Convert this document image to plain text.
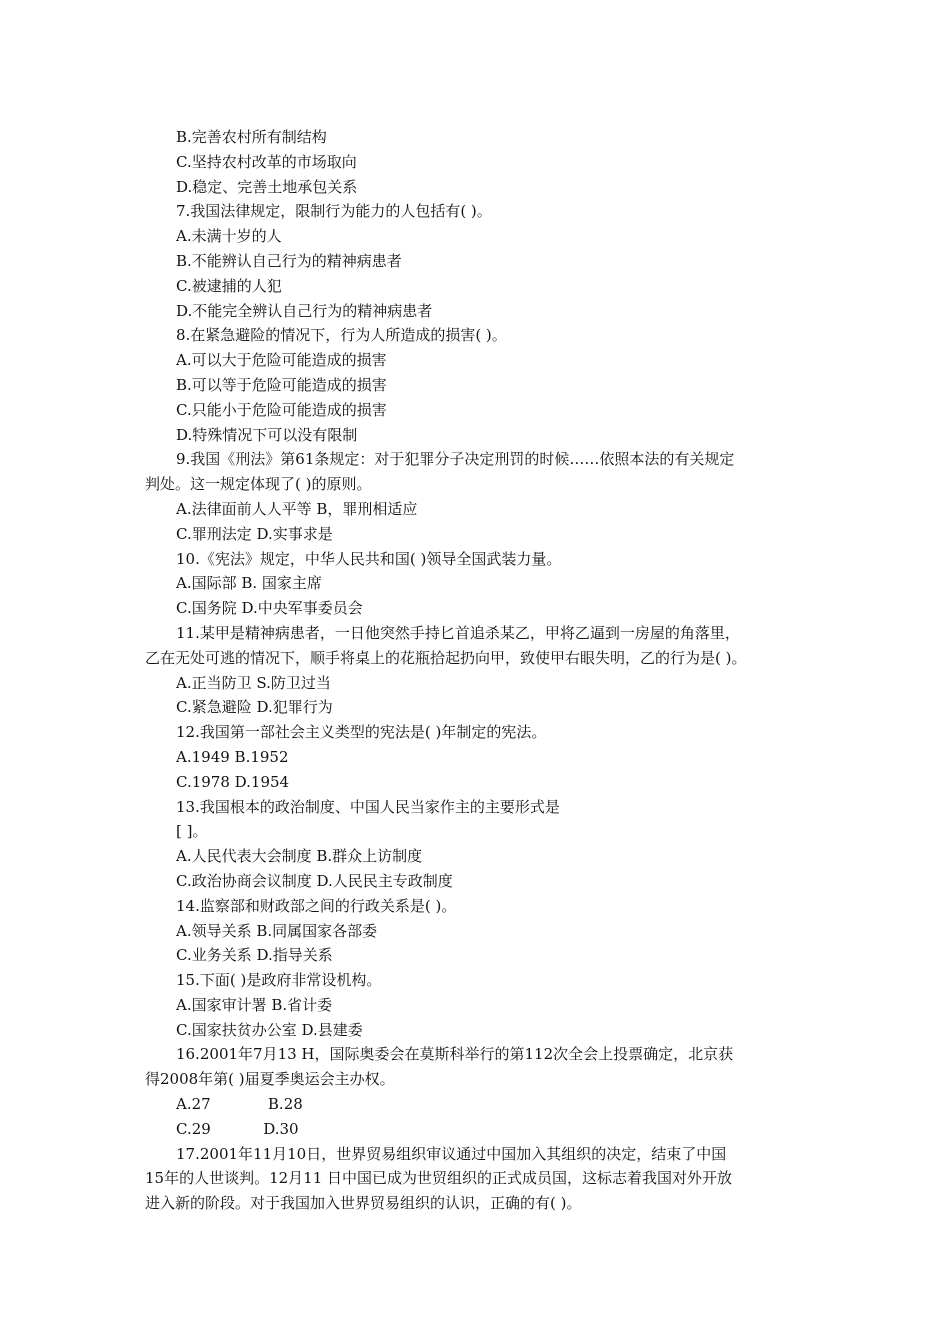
B.完善农村所有制结构
C.坚持农村改革的市场取向
D.稳定、完善土地承包关系
7.我国法律规定，限制行为能力的人包括有( )。
A.未满十岁的人
B.不能辨认自己行为的精神病患者
C.被逮捕的人犯
D.不能完全辨认自己行为的精神病患者
8.在紧急避险的情况下，行为人所造成的损害( )。
A.可以大于危险可能造成的损害
B.可以等于危险可能造成的损害
C.只能小于危险可能造成的损害
D.特殊情况下可以没有限制
9.我国《刑法》第61条规定：对于犯罪分子决定刑罚的时候……依照本法的有关规定
判处。这一规定体现了( )的原则。
A.法律面前人人平等 B，罪刑相适应
C.罪刑法定 D.实事求是
10.《宪法》规定，中华人民共和国( )领导全国武装力量。
A.国际部 B. 国家主席
C.国务院 D.中央军事委员会
11.某甲是精神病患者，一日他突然手持匕首追杀某乙，甲将乙逼到一房屋的角落里，
乙在无处可逃的情况下，顺手将桌上的花瓶拾起扔向甲，致使甲右眼失明，乙的行为是( )。
A.正当防卫 S.防卫过当
C.紧急避险 D.犯罪行为
12.我国第一部社会主义类型的宪法是( )年制定的宪法。
A.1949 B.1952
C.1978 D.1954
13.我国根本的政治制度、中国人民当家作主的主要形式是
[ ]。
A.人民代表大会制度 B.群众上访制度
C.政治协商会议制度 D.人民民主专政制度
14.监察部和财政部之间的行政关系是( )。
A.领导关系 B.同属国家各部委
C.业务关系 D.指导关系
15.下面( )是政府非常设机构。
A.国家审计署 B.省计委
C.国家扶贫办公室 D.县建委
16.2001年7月13 H，国际奥委会在莫斯科举行的第112次全会上投票确定，北京获
得2008年第( )届夏季奥运会主办权。
A.27            B.28
C.29           D.30
17.2001年11月10日，世界贸易组织审议通过中国加入其组织的决定，结束了中国
15年的人世谈判。12月11 日中国已成为世贸组织的正式成员国，这标志着我国对外开放
进入新的阶段。对于我国加入世界贸易组织的认识，正确的有( )。
